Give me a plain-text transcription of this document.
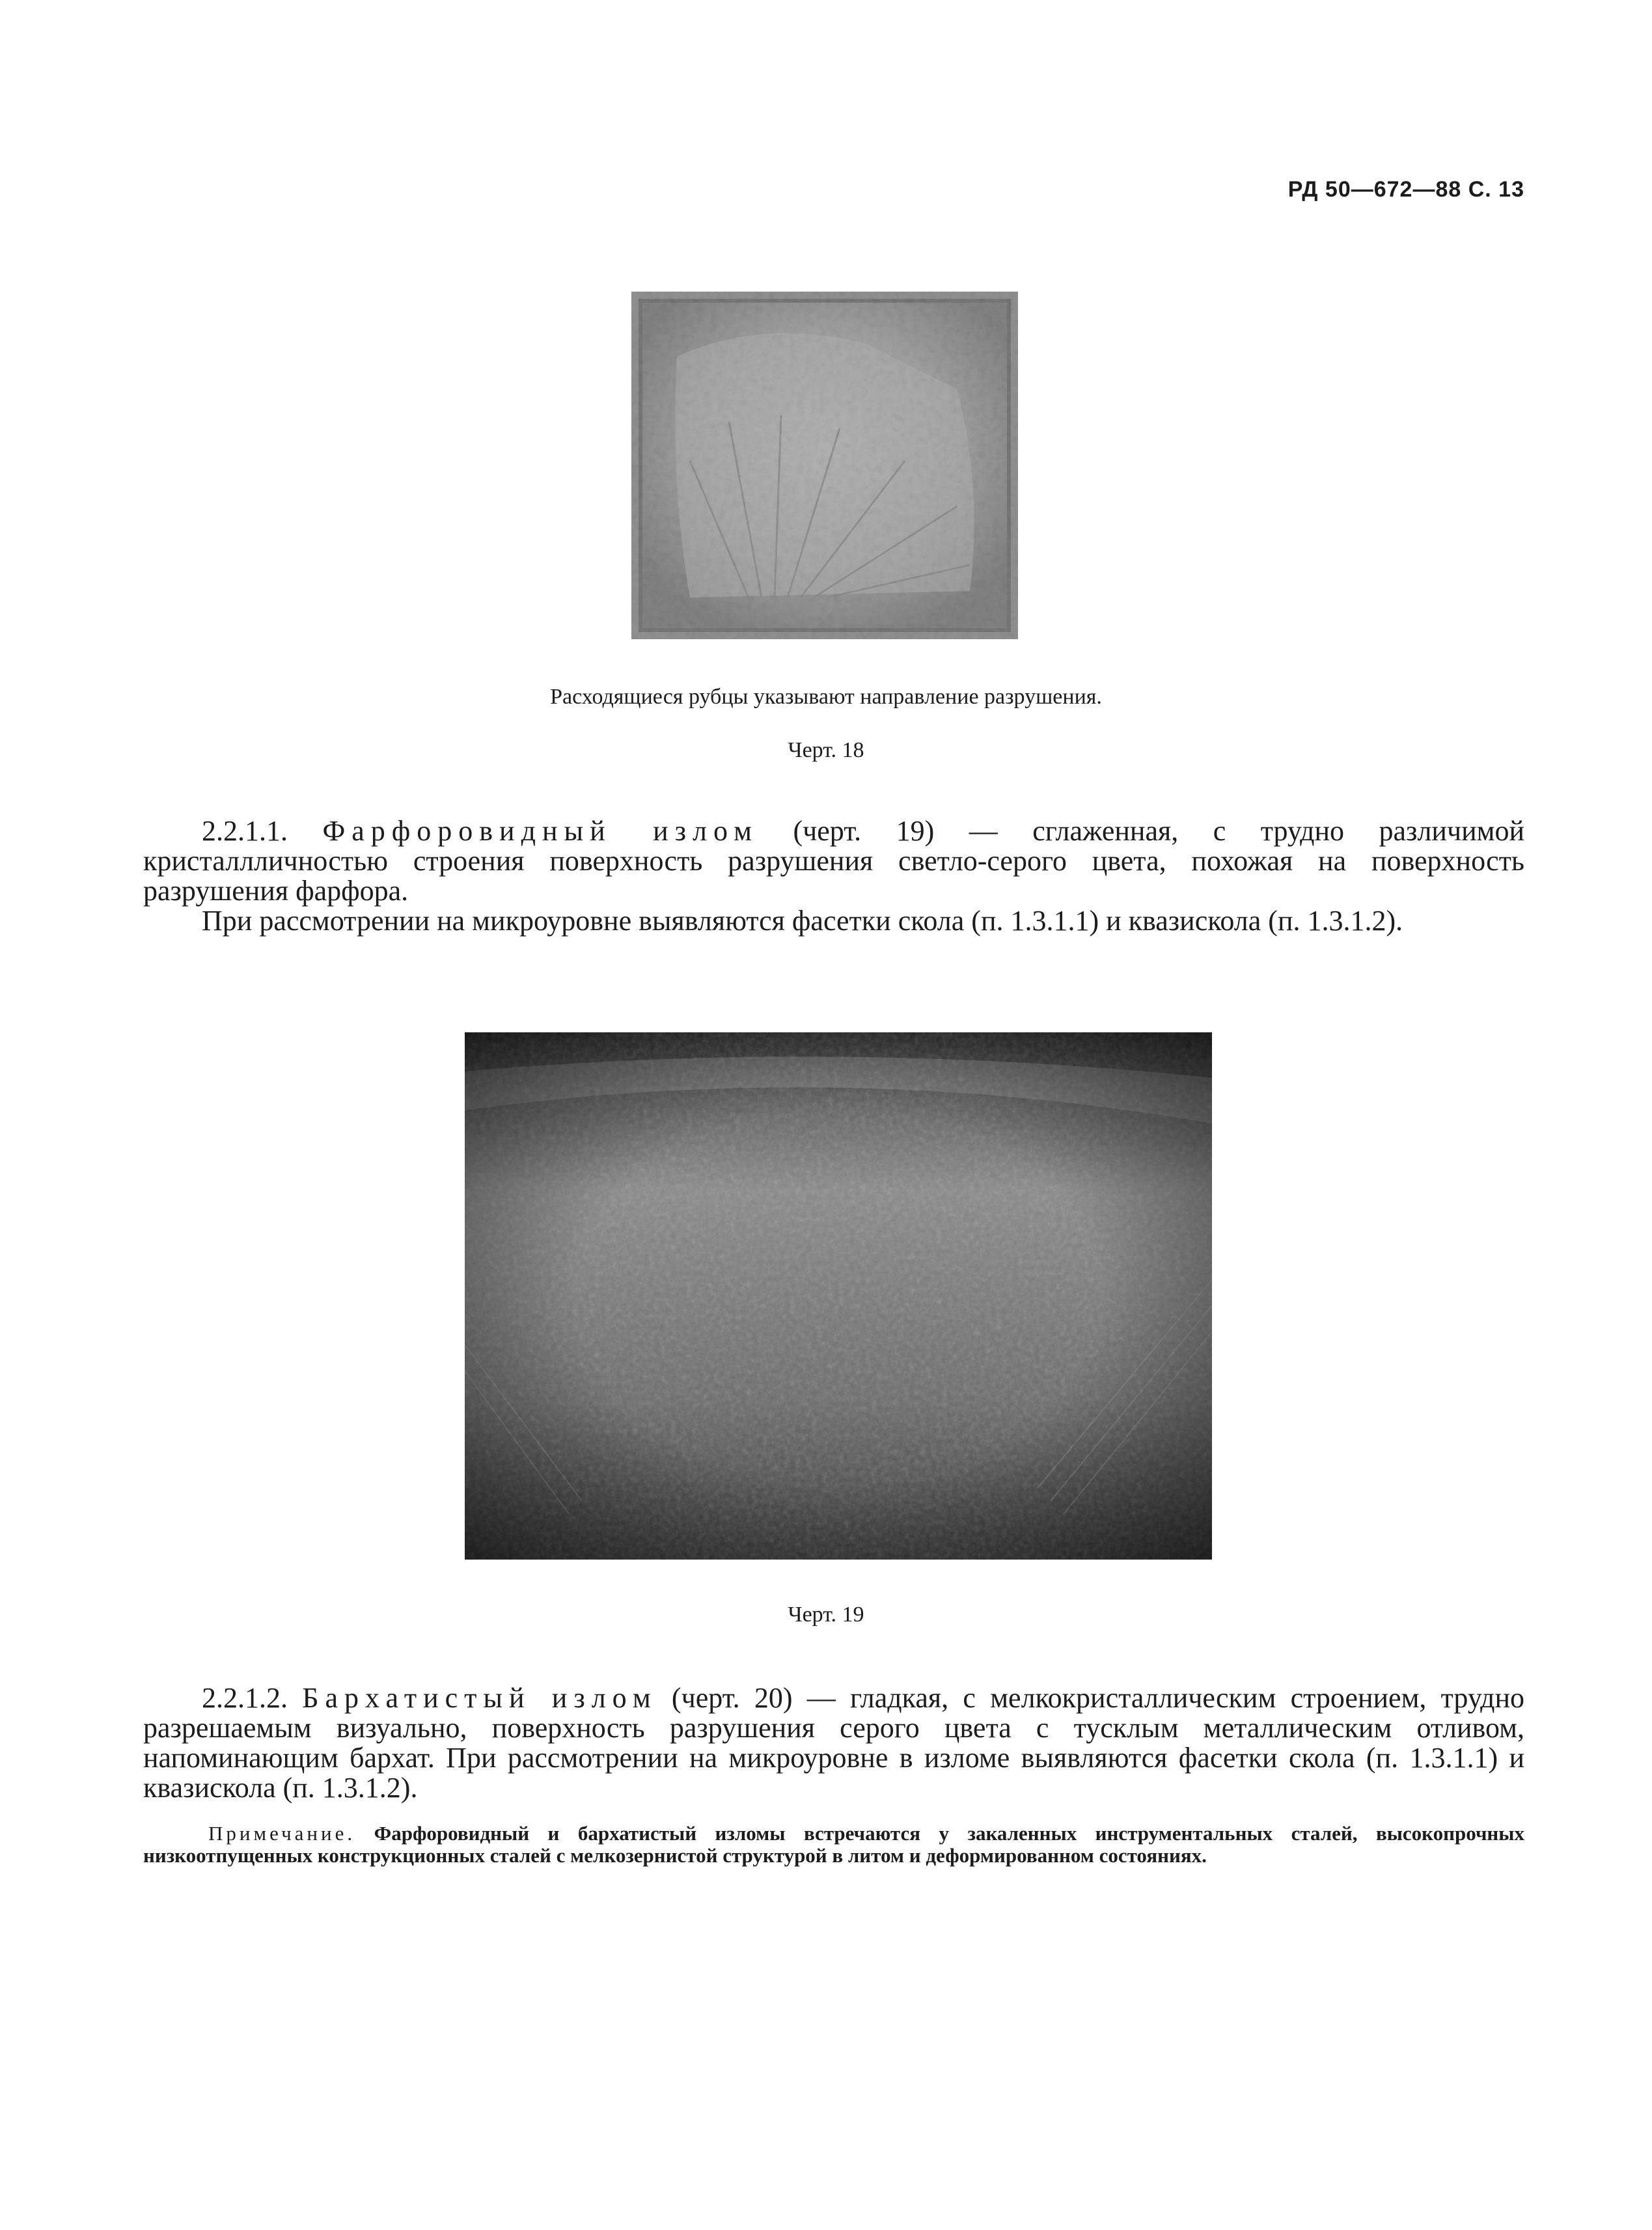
РД 50—672—88 С. 13
Расходящиеся рубцы указывают направление разрушения.
Черт. 18

2.2.1.1. Фарфоровидный излом (черт. 19) — сглаженная, с трудно различимой кристаллличностью строения поверхность разрушения светло-серого цвета, похожая на поверхность разрушения фарфора.

При рассмотрении на микроуровне выявляются фасетки скола (п. 1.3.1.1) и квазискола (п. 1.3.1.2).

Черт. 19

2.2.1.2. Бархатистый излом (черт. 20) — гладкая, с мелкокристаллическим строением, трудно разрешаемым визуально, поверхность разрушения серого цвета с тусклым металлическим отливом, напоминающим бархат. При рассмотрении на микроуровне в изломе выявляются фасетки скола (п. 1.3.1.1) и квазискола (п. 1.3.1.2).

Примечание. Фарфоровидный и бархатистый изломы встречаются у закаленных инструментальных сталей, высокопрочных низкоотпущенных конструкционных сталей с мелкозернистой структурой в литом и деформированном состояниях.
